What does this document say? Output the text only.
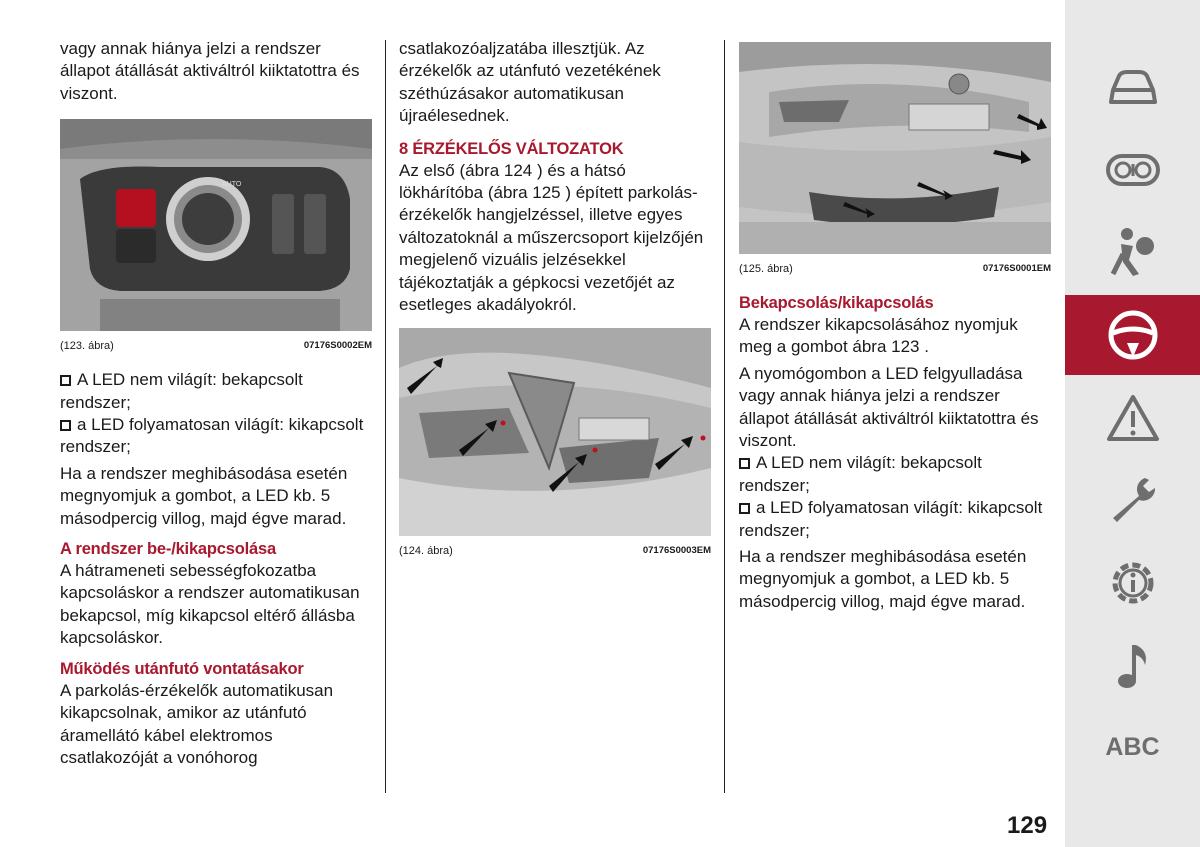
vagy annak hiánya jelzi a rendszer állapot átállását aktiváltról kiiktatottra és viszont.

AUTO
(123. ábra)	07176S0002EM

A LED nem világít: bekapcsolt rendszer;

a LED folyamatosan világít: kikapcsolt rendszer;

Ha a rendszer meghibásodása esetén megnyomjuk a gombot, a LED kb. 5 másodpercig villog, majd égve marad.

A rendszer be-/kikapcsolása

A hátrameneti sebességfokozatba kapcsoláskor a rendszer automatikusan bekapcsol, míg kikapcsol eltérő állásba kapcsoláskor.

Működés utánfutó vontatásakor

A parkolás-érzékelők automatikusan kikapcsolnak, amikor az utánfutó áramellátó kábel elektromos csatlakozóját a vonóhorog

csatlakozóaljzatába illesztjük. Az érzékelők az utánfutó vezetékének széthúzásakor automatikusan újraélesednek.

8 ÉRZÉKELŐS VÁLTOZATOK

Az első (ábra 124 ) és a hátsó lökhárítóba (ábra 125 ) épített parkolás-érzékelők hangjelzéssel, illetve egyes változatoknál a műszercsoport kijelzőjén megjelenő vizuális jelzésekkel tájékoztatják a gépkocsi vezetőjét az esetleges akadályokról.

(124. ábra)	07176S0003EM
(125. ábra)	07176S0001EM
Bekapcsolás/kikapcsolás

A rendszer kikapcsolásához nyomjuk meg a gombot ábra 123 .

A nyomógombon a LED felgyulladása vagy annak hiánya jelzi a rendszer állapot átállását aktiváltról kiiktatottra és viszont.

A LED nem világít: bekapcsolt rendszer;

a LED folyamatosan világít: kikapcsolt rendszer;

Ha a rendszer meghibásodása esetén megnyomjuk a gombot, a LED kb. 5 másodpercig villog, majd égve marad.

ABC
129
